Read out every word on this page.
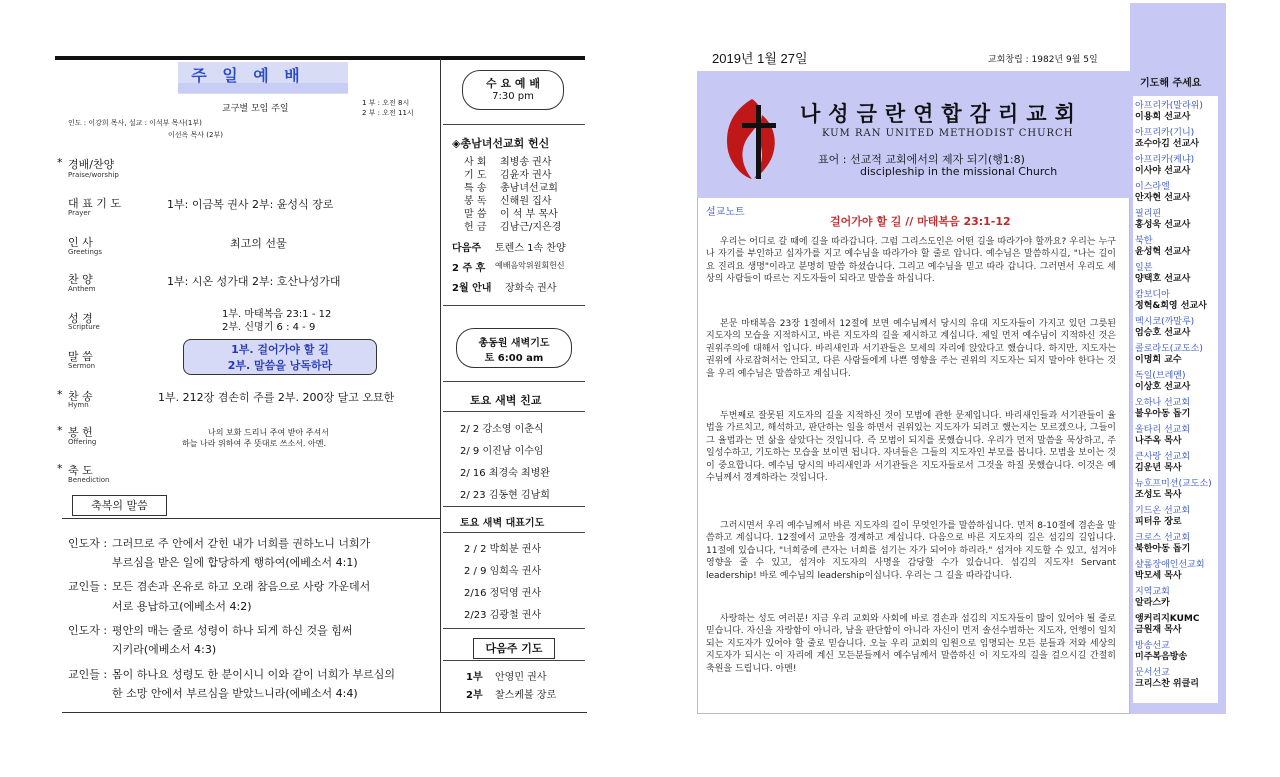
주 일 예 배
교구별 모임 주일
1 부 : 오전 8시
2 부 : 오전 11시
인도 : 이강희 목사, 설교 : 이석부 목사(1부)
이선옥 목사 (2부)
* 경배/찬양
Praise/worship
대 표 기 도
Prayer
1부: 이금복 권사 2부: 윤성식 장로
인 사
Greetings
최고의 선물
찬 양
Anthem
1부: 시온 성가대 2부: 호산나성가대
성 경
Scripture
1부. 마태복음 23:1 - 12
2부. 신명기 6 : 4 - 9
말 씀
Sermon
* 찬 송
Hymn
1부. 212장 겸손히 주를 2부. 200장 달고 오묘한
* 봉 헌
Offering
나의 보화 드리니 주여 받아 주셔서
하늘 나라 위하여 주 뜻대로 쓰소서. 아멘.
* 축 도
Benediction
1부. 걸어가야 할 길
2부. 말씀을 낭독하라
축복의 말씀
인도자 : 그러므로 주 안에서 갇힌 내가 너희를 권하노니 너희가
부르심을 받은 일에 합당하게 행하여(에베소서 4:1)
교인들 : 모든 겸손과 온유로 하고 오래 참음으로 사랑 가운데서
서로 용납하고(에베소서 4:2)
인도자 : 평안의 매는 줄로 성령이 하나 되게 하신 것을 힘써
지키라(에베소서 4:3)
교인들 : 몸이 하나요 성령도 한 분이시니 이와 같이 너희가 부르심의
한 소망 안에서 부르심을 받았느니라(에베소서 4:4)
수 요 예 배
7:30 pm
◈총남녀선교회 헌신
사 회 최병송 권사
기 도 김윤자 권사
특 송 총남녀선교회
봉 독 신해원 집사
말 씀 이 석 부 목사
헌 금 김남근/지은경
다음주 토렌스 1속 찬양
2 주 후 예배음악위원회헌신
2월 안내 장화숙 권사
총동원 새벽기도
토 6:00 am
토요 새벽 친교
2/ 2 강소영 이춘식
2/ 9 이진남 이수임
2/ 16 최경숙 최병완
2/ 23 김동현 김남희
토요 새벽 대표기도
2 / 2 박희분 권사
2 / 9 임희옥 권사
2/16 정덕영 권사
2/23 김광철 권사
다음주 기도
1부 안영민 권사
2부 찰스케볼 장로
2019년 1월 27일	교회창립 : 1982년 9월 5일
나성금란연합감리교회
KUM RAN UNITED METHODIST CHURCH
표어 : 선교적 교회에서의 제자 되기(행1:8)
discipleship in the missional Church
설교노트
걸어가야 할 길 // 마태복음 23:1-12
우리는 어디로 갈 때에 길을 따라갑니다. 그럼 그리스도인은 어떤 길을 따라가야 할까요? 우리는 누구나 자기를 부인하고 십자가를 지고 예수님을 따라가야 할 줄로 압니다. 예수님은 말씀하시길, "나는 길이요 진리요 생명"이라고 분명히 말씀 하셨습니다. 그리고 예수님을 믿고 따라 갑니다. 그러면서 우리도 세상의 사람들이 따르는 지도자들이 되라고 말씀을 하십니다.
본문 마태복음 23장 1절에서 12절에 보면 예수님께서 당시의 유대 지도자들이 가지고 있던 그릇된 지도자의 모습을 지적하시고, 바른 지도자의 길을 제시하고 계십니다. 제일 먼저 예수님이 지적하신 것은 권위주의에 대해서 입니다. 바리새인과 서기관들은 모세의 자리에 앉았다고 했습니다. 하지만, 지도자는 권위에 사로잡혀서는 안되고, 다른 사람들에게 나쁜 영향을 주는 권위의 지도자는 되지 말아야 한다는 것을 우리 예수님은 말씀하고 계십니다.
두번째로 잘못된 지도자의 길을 지적하신 것이 모범에 관한 문제입니다. 바리새인들과 서기관들이 율법을 가르치고, 해석하고, 판단하는 일을 하면서 권위있는 지도자가 되려고 했는지는 모르겠으나, 그들이 그 율법과는 먼 삶을 살았다는 것입니다. 즉 모범이 되지를 못했습니다. 우리가 먼저 말씀을 묵상하고, 주일성수하고, 기도하는 모습을 보이면 됩니다. 자녀들은 그들의 지도자인 부모를 봅니다. 모범을 보이는 것이 중요합니다. 예수님 당시의 바리새인과 서기관들은 지도자들로서 그것을 하질 못했습니다. 이것은 예수님께서 경계하라는 것입니다.
그러시면서 우리 예수님께서 바른 지도자의 길이 무엇인가를 말씀하십니다. 먼저 8-10절에 겸손을 말씀하고 계십니다. 12절에서 교만을 경계하고 계십니다. 다음으로 바른 지도자의 길은 섬김의 길입니다. 11절에 있습니다, "너희중에 큰자는 너희를 섬기는 자가 되어야 하리라." 섬겨야 지도할 수 있고, 섬겨야 영향을 줄 수 있고, 섬겨야 지도자의 사명을 감당할 수가 있습니다. 섬김의 지도자! Servant leadership! 바로 예수님의 leadership이십니다. 우리는 그 길을 따라갑니다.
사랑하는 성도 여러분! 지금 우리 교회와 사회에 바로 겸손과 섬김의 지도자들이 많이 있어야 될 줄로 믿습니다. 자신을 자랑함이 아니라, 남을 판단함이 아니라 자신이 먼저 솔선수범하는 지도자, 언행이 일치되는 지도자가 있어야 할 줄로 믿습니다. 오늘 우리 교회의 임원으로 임명되는 모든 분들과 저와 세상의 지도자가 되시는 이 자리에 계신 모든분들께서 예수님께서 말씀하신 이 지도자의 길을 걸으시길 간절히 축원을 드립니다. 아멘!
기도해 주세요
아프리카(말라위)
이용희 선교사
아프리카(기니)
죠수아김 선교사
아프리카(케냐)
이사야 선교사
이스라엘
안자현 선교사
필리핀
홍성욱 선교사
북한
윤성혁 선교사
일본
양택호 선교사
캄보디아
정혁&희영 선교사
멕시코(까말루)
엄승호 선교사
콜로라도(교도소)
이명희 교수
독일(브레멘)
이상호 선교사
오하나 선교회
불우아동 돕기
올타리 선교회
나주옥 목사
큰사랑 선교회
김운년 목사
뉴호프미션(교도소)
조성도 목사
기드온 선교회
피터유 장로
크로스 선교회
북한아동 돕기
샬롬장애인선교회
박모세 목사
지역교회
알라스카
앵커리지KUMC
금원재 목사
방송선교
미주복음방송
문서선교
크리스찬 위클리
